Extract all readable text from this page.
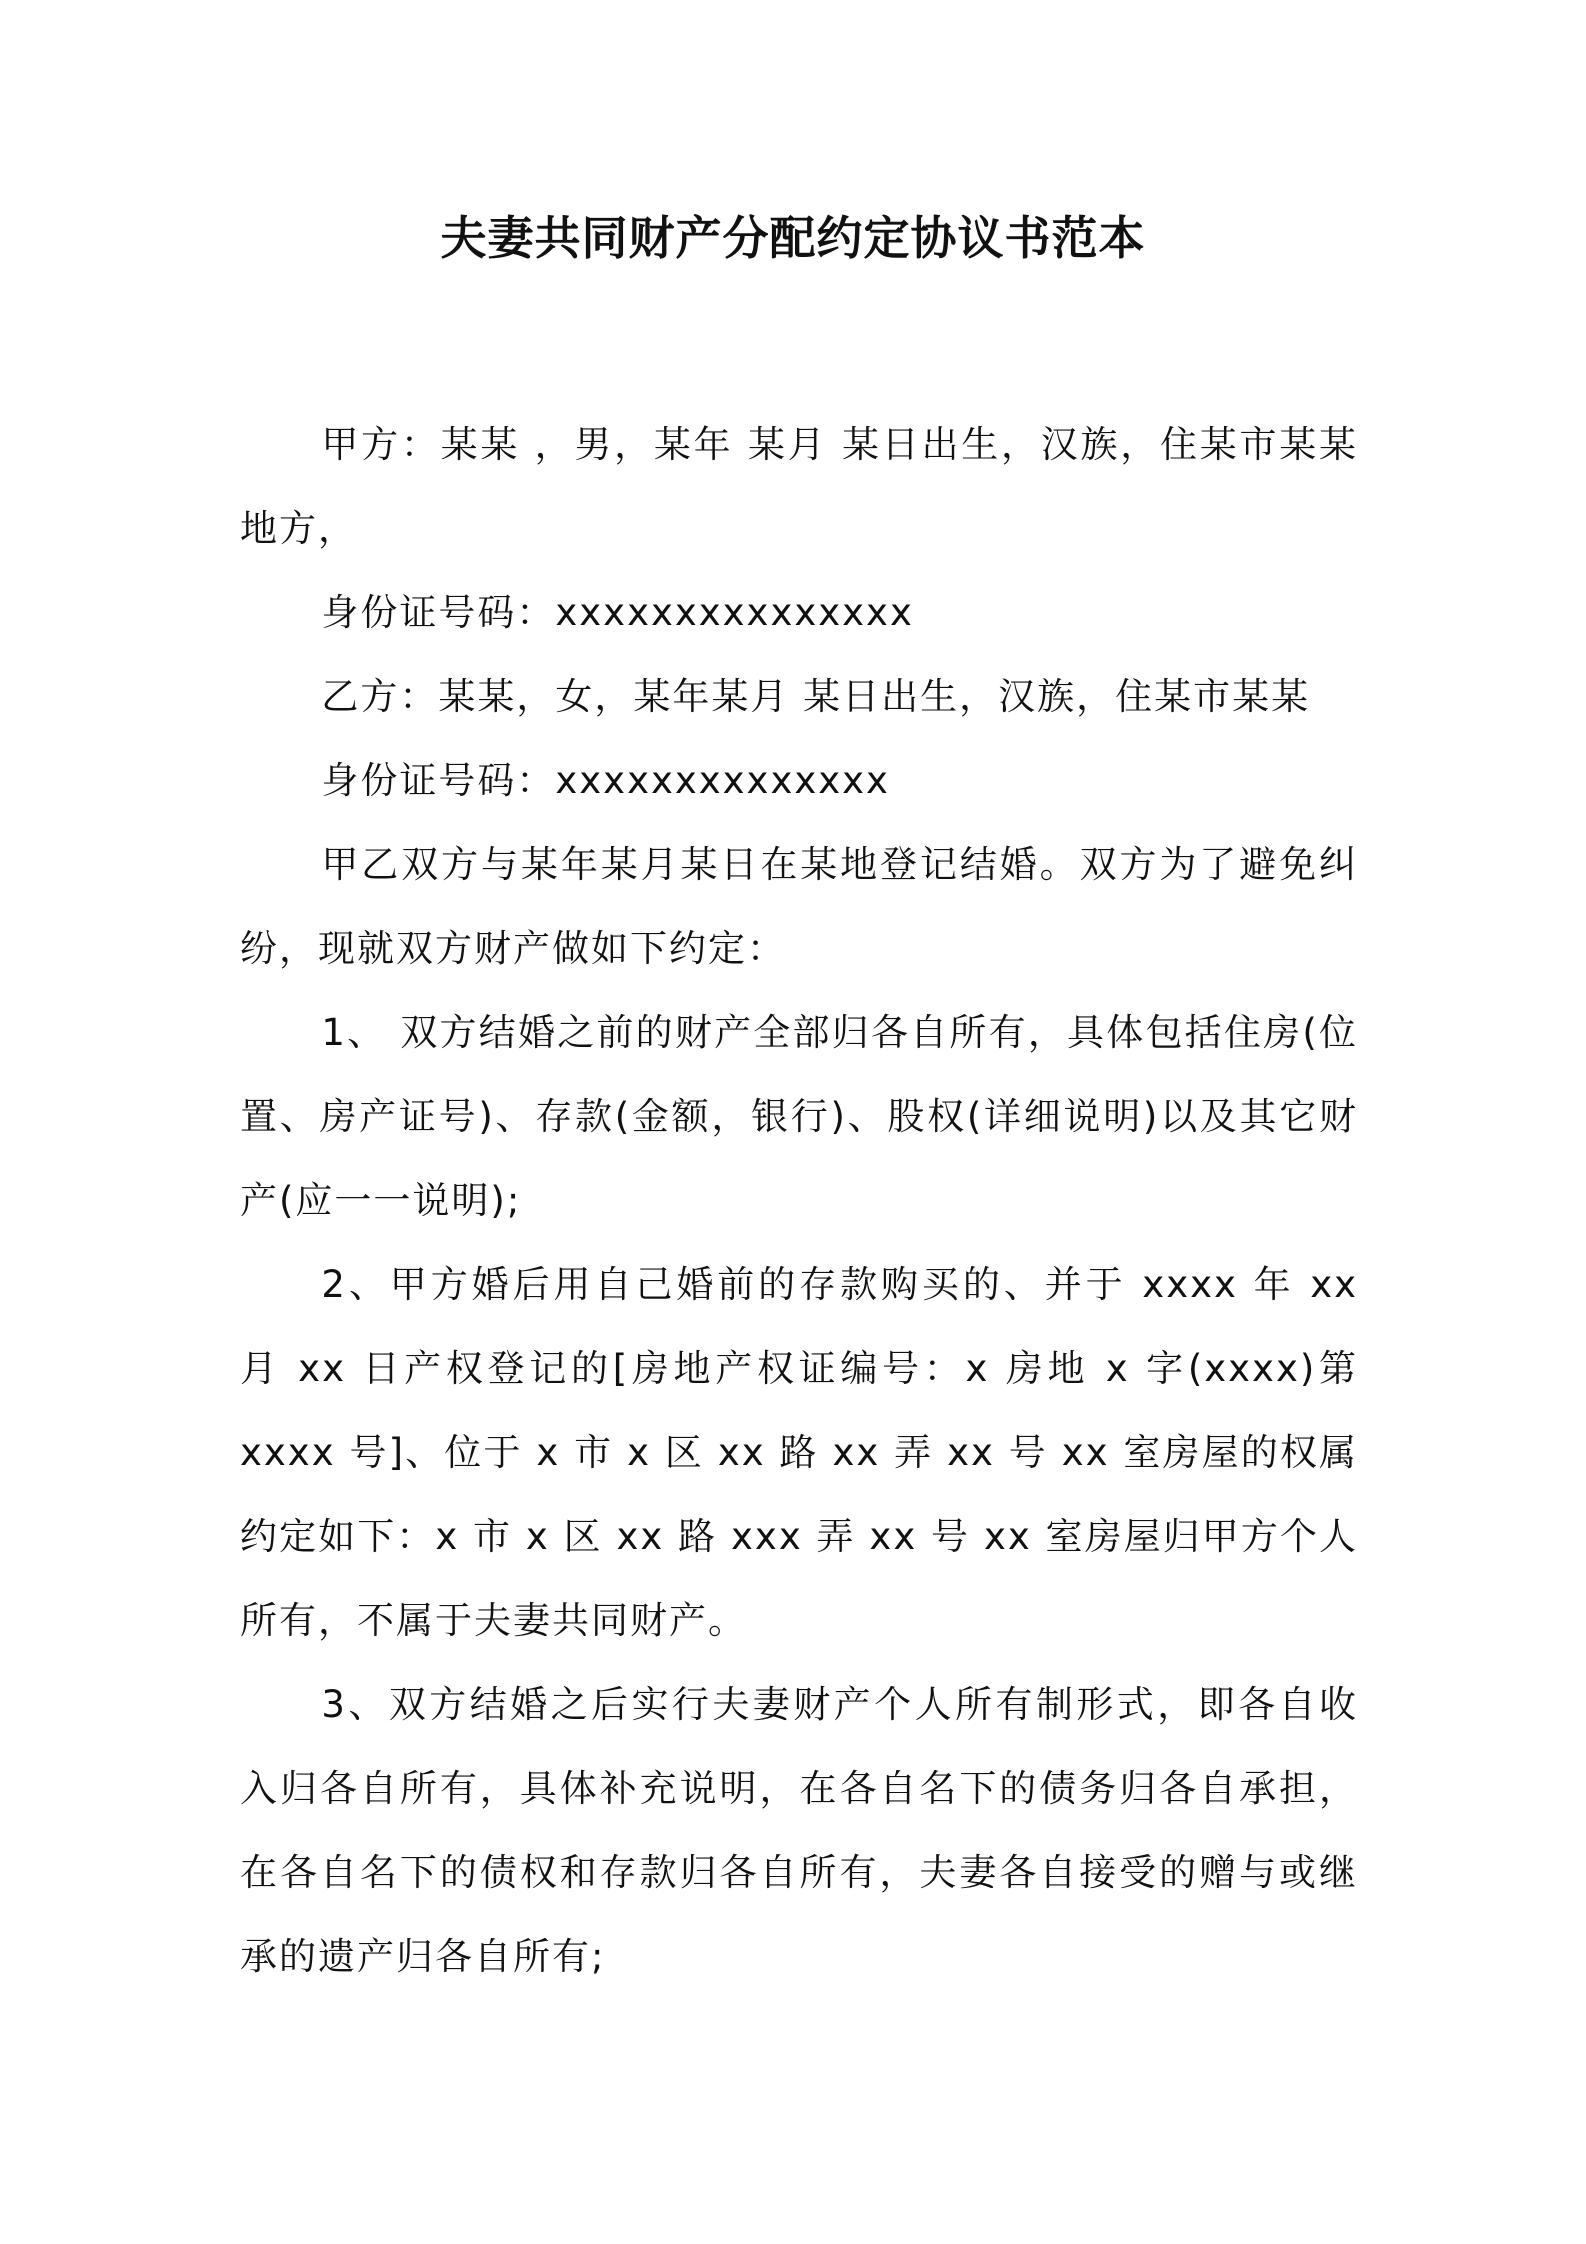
夫妻共同财产分配约定协议书范本

甲方：某某 ，男，某年 某月 某日出生，汉族，住某市某某地方，

身份证号码：xxxxxxxxxxxxxxx

乙方：某某，女，某年某月 某日出生，汉族，住某市某某

身份证号码：xxxxxxxxxxxxxx

甲乙双方与某年某月某日在某地登记结婚。双方为了避免纠纷，现就双方财产做如下约定：

1、 双方结婚之前的财产全部归各自所有，具体包括住房(位置、房产证号)、存款(金额，银行)、股权(详细说明)以及其它财产(应一一说明);

2、甲方婚后用自己婚前的存款购买的、并于 xxxx 年 xx 月 xx 日产权登记的[房地产权证编号：x 房地 x 字(xxxx)第 xxxx 号]、位于 x 市 x 区 xx 路 xx 弄 xx 号 xx 室房屋的权属约定如下：x 市 x 区 xx 路 xxx 弄 xx 号 xx 室房屋归甲方个人所有，不属于夫妻共同财产。

3、双方结婚之后实行夫妻财产个人所有制形式，即各自收入归各自所有，具体补充说明，在各自名下的债务归各自承担，在各自名下的债权和存款归各自所有，夫妻各自接受的赠与或继承的遗产归各自所有;
